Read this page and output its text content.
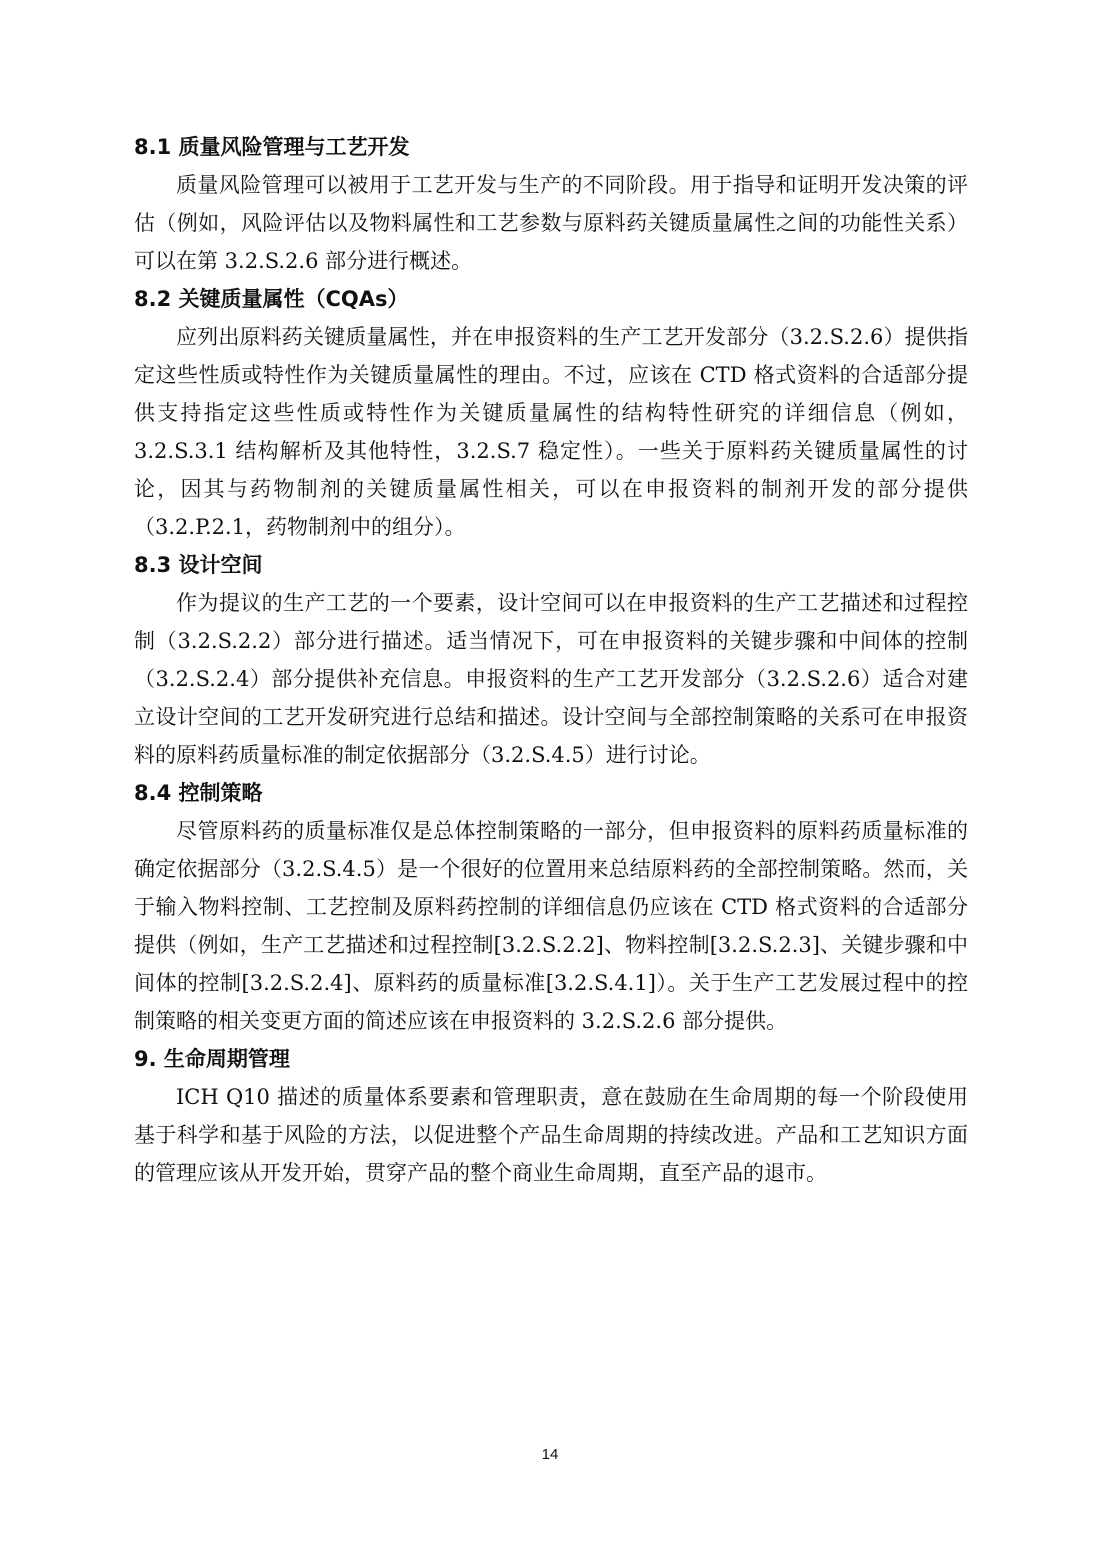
8.1 质量风险管理与工艺开发

质量风险管理可以被用于工艺开发与生产的不同阶段。用于指导和证明开发决策的评估（例如，风险评估以及物料属性和工艺参数与原料药关键质量属性之间的功能性关系）可以在第 3.2.S.2.6 部分进行概述。

8.2 关键质量属性（CQAs）

应列出原料药关键质量属性，并在申报资料的生产工艺开发部分（3.2.S.2.6）提供指定这些性质或特性作为关键质量属性的理由。不过，应该在 CTD 格式资料的合适部分提供支持指定这些性质或特性作为关键质量属性的结构特性研究的详细信息（例如，3.2.S.3.1 结构解析及其他特性，3.2.S.7 稳定性）。一些关于原料药关键质量属性的讨论，因其与药物制剂的关键质量属性相关，可以在申报资料的制剂开发的部分提供（3.2.P.2.1，药物制剂中的组分）。

8.3 设计空间

作为提议的生产工艺的一个要素，设计空间可以在申报资料的生产工艺描述和过程控制（3.2.S.2.2）部分进行描述。适当情况下，可在申报资料的关键步骤和中间体的控制（3.2.S.2.4）部分提供补充信息。申报资料的生产工艺开发部分（3.2.S.2.6）适合对建立设计空间的工艺开发研究进行总结和描述。设计空间与全部控制策略的关系可在申报资料的原料药质量标准的制定依据部分（3.2.S.4.5）进行讨论。

8.4 控制策略

尽管原料药的质量标准仅是总体控制策略的一部分，但申报资料的原料药质量标准的确定依据部分（3.2.S.4.5）是一个很好的位置用来总结原料药的全部控制策略。然而，关于输入物料控制、工艺控制及原料药控制的详细信息仍应该在 CTD 格式资料的合适部分提供（例如，生产工艺描述和过程控制[3.2.S.2.2]、物料控制[3.2.S.2.3]、关键步骤和中间体的控制[3.2.S.2.4]、原料药的质量标准[3.2.S.4.1]）。关于生产工艺发展过程中的控制策略的相关变更方面的简述应该在申报资料的 3.2.S.2.6 部分提供。

9. 生命周期管理

ICH Q10 描述的质量体系要素和管理职责，意在鼓励在生命周期的每一个阶段使用基于科学和基于风险的方法，以促进整个产品生命周期的持续改进。产品和工艺知识方面的管理应该从开发开始，贯穿产品的整个商业生命周期，直至产品的退市。

14
